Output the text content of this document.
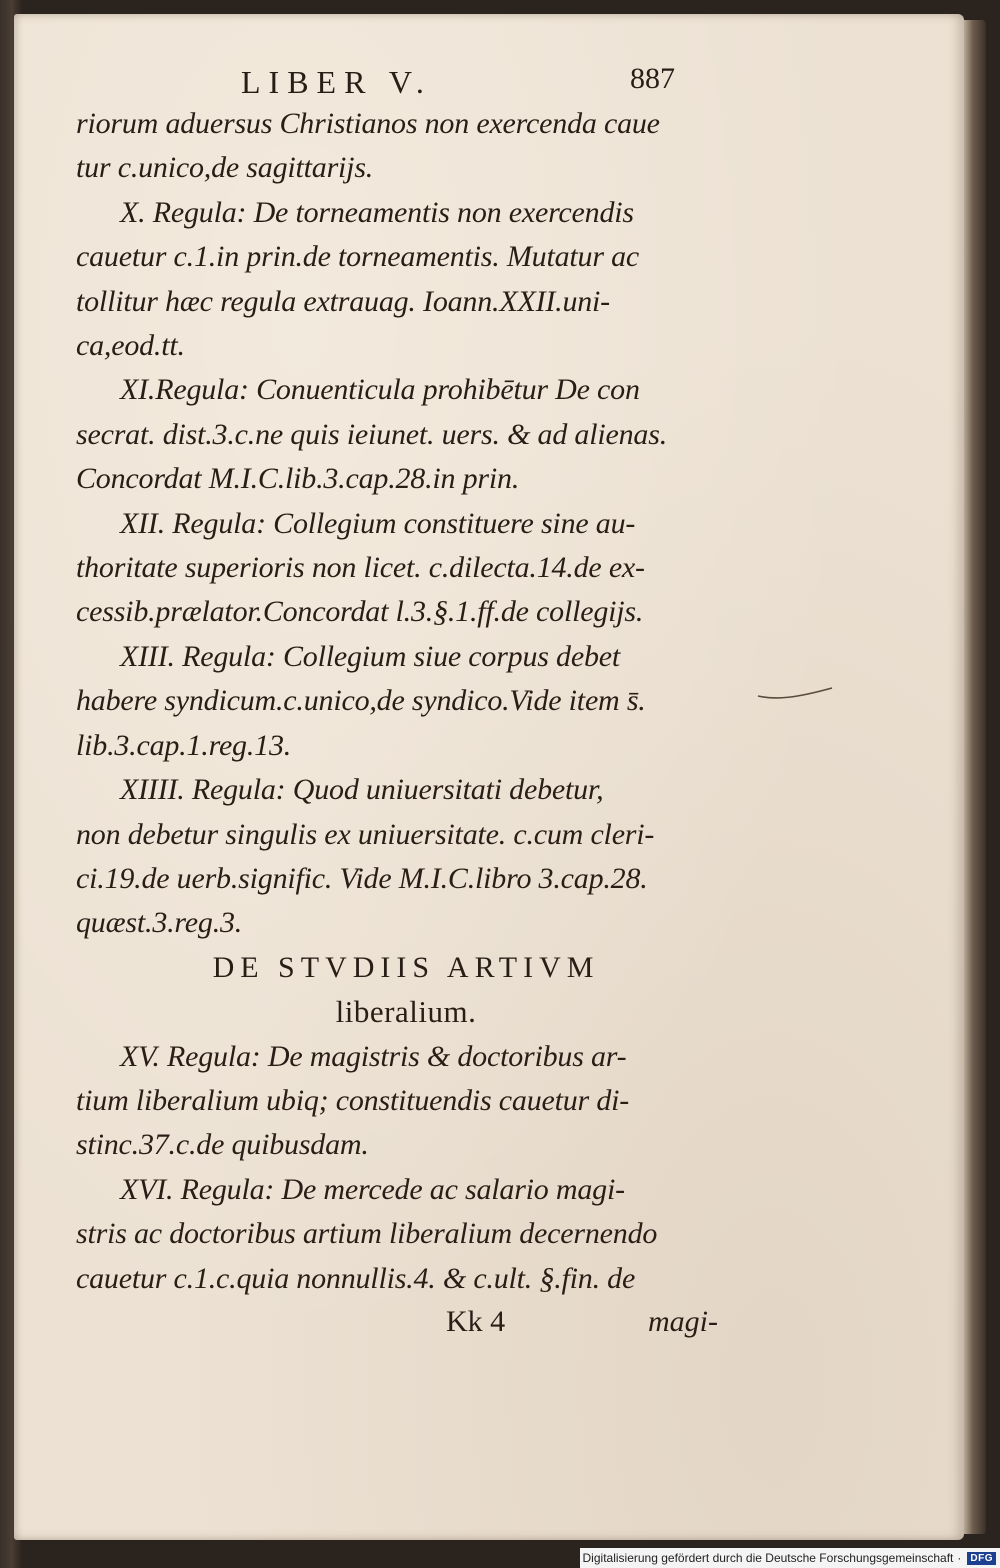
LIBER V.	887
riorum aduersus Christianos non exercenda caue
tur c.unico,de sagittarijs.
X. Regula: De torneamentis non exercendis
cauetur c.1.in prin.de torneamentis. Mutatur ac
tollitur hæc regula extrauag. Ioann.XXII.uni-
ca,eod.tt.
XI.Regula: Conuenticula prohibētur De con
secrat. dist.3.c.ne quis ieiunet. uers. & ad alienas.
Concordat M.I.C.lib.3.cap.28.in prin.
XII. Regula: Collegium constituere sine au-
thoritate superioris non licet. c.dilecta.14.de ex-
cessib.prælator.Concordat l.3.§.1.ff.de collegijs.
XIII. Regula: Collegium siue corpus debet
habere syndicum.c.unico,de syndico.Vide item s̄.
lib.3.cap.1.reg.13.
XIIII. Regula: Quod uniuersitati debetur,
non debetur singulis ex uniuersitate. c.cum cleri-
ci.19.de uerb.signific. Vide M.I.C.libro 3.cap.28.
quæst.3.reg.3.
DE STVDIIS ARTIVM
liberalium.
XV. Regula: De magistris & doctoribus ar-
tium liberalium ubiq; constituendis cauetur di-
stinc.37.c.de quibusdam.
XVI. Regula: De mercede ac salario magi-
stris ac doctoribus artium liberalium decernendo
cauetur c.1.c.quia nonnullis.4. & c.ult. §.fin. de
Kk 4	magi-
Digitalisierung gefördert durch die Deutsche Forschungsgemeinschaft · DFG
